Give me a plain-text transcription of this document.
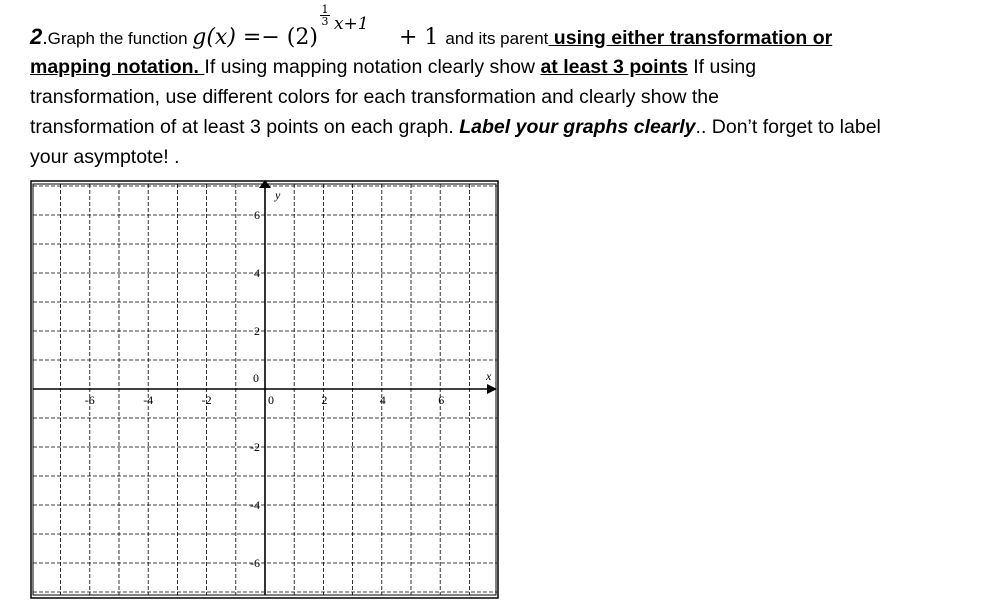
2.Graph the function g(x) =− (2)
1
3 x+1
+ 1 and its parent using either transformation or
mapping notation. If using mapping notation clearly show at least 3 points If using
transformation, use different colors for each transformation and clearly show the
transformation of at least 3 points on each graph. Label your graphs clearly.. Don’t forget to label
your asymptote! .
-6	-4	-2	0	2	4	6
6
4
2
0
-2
-4
-6
x
y
